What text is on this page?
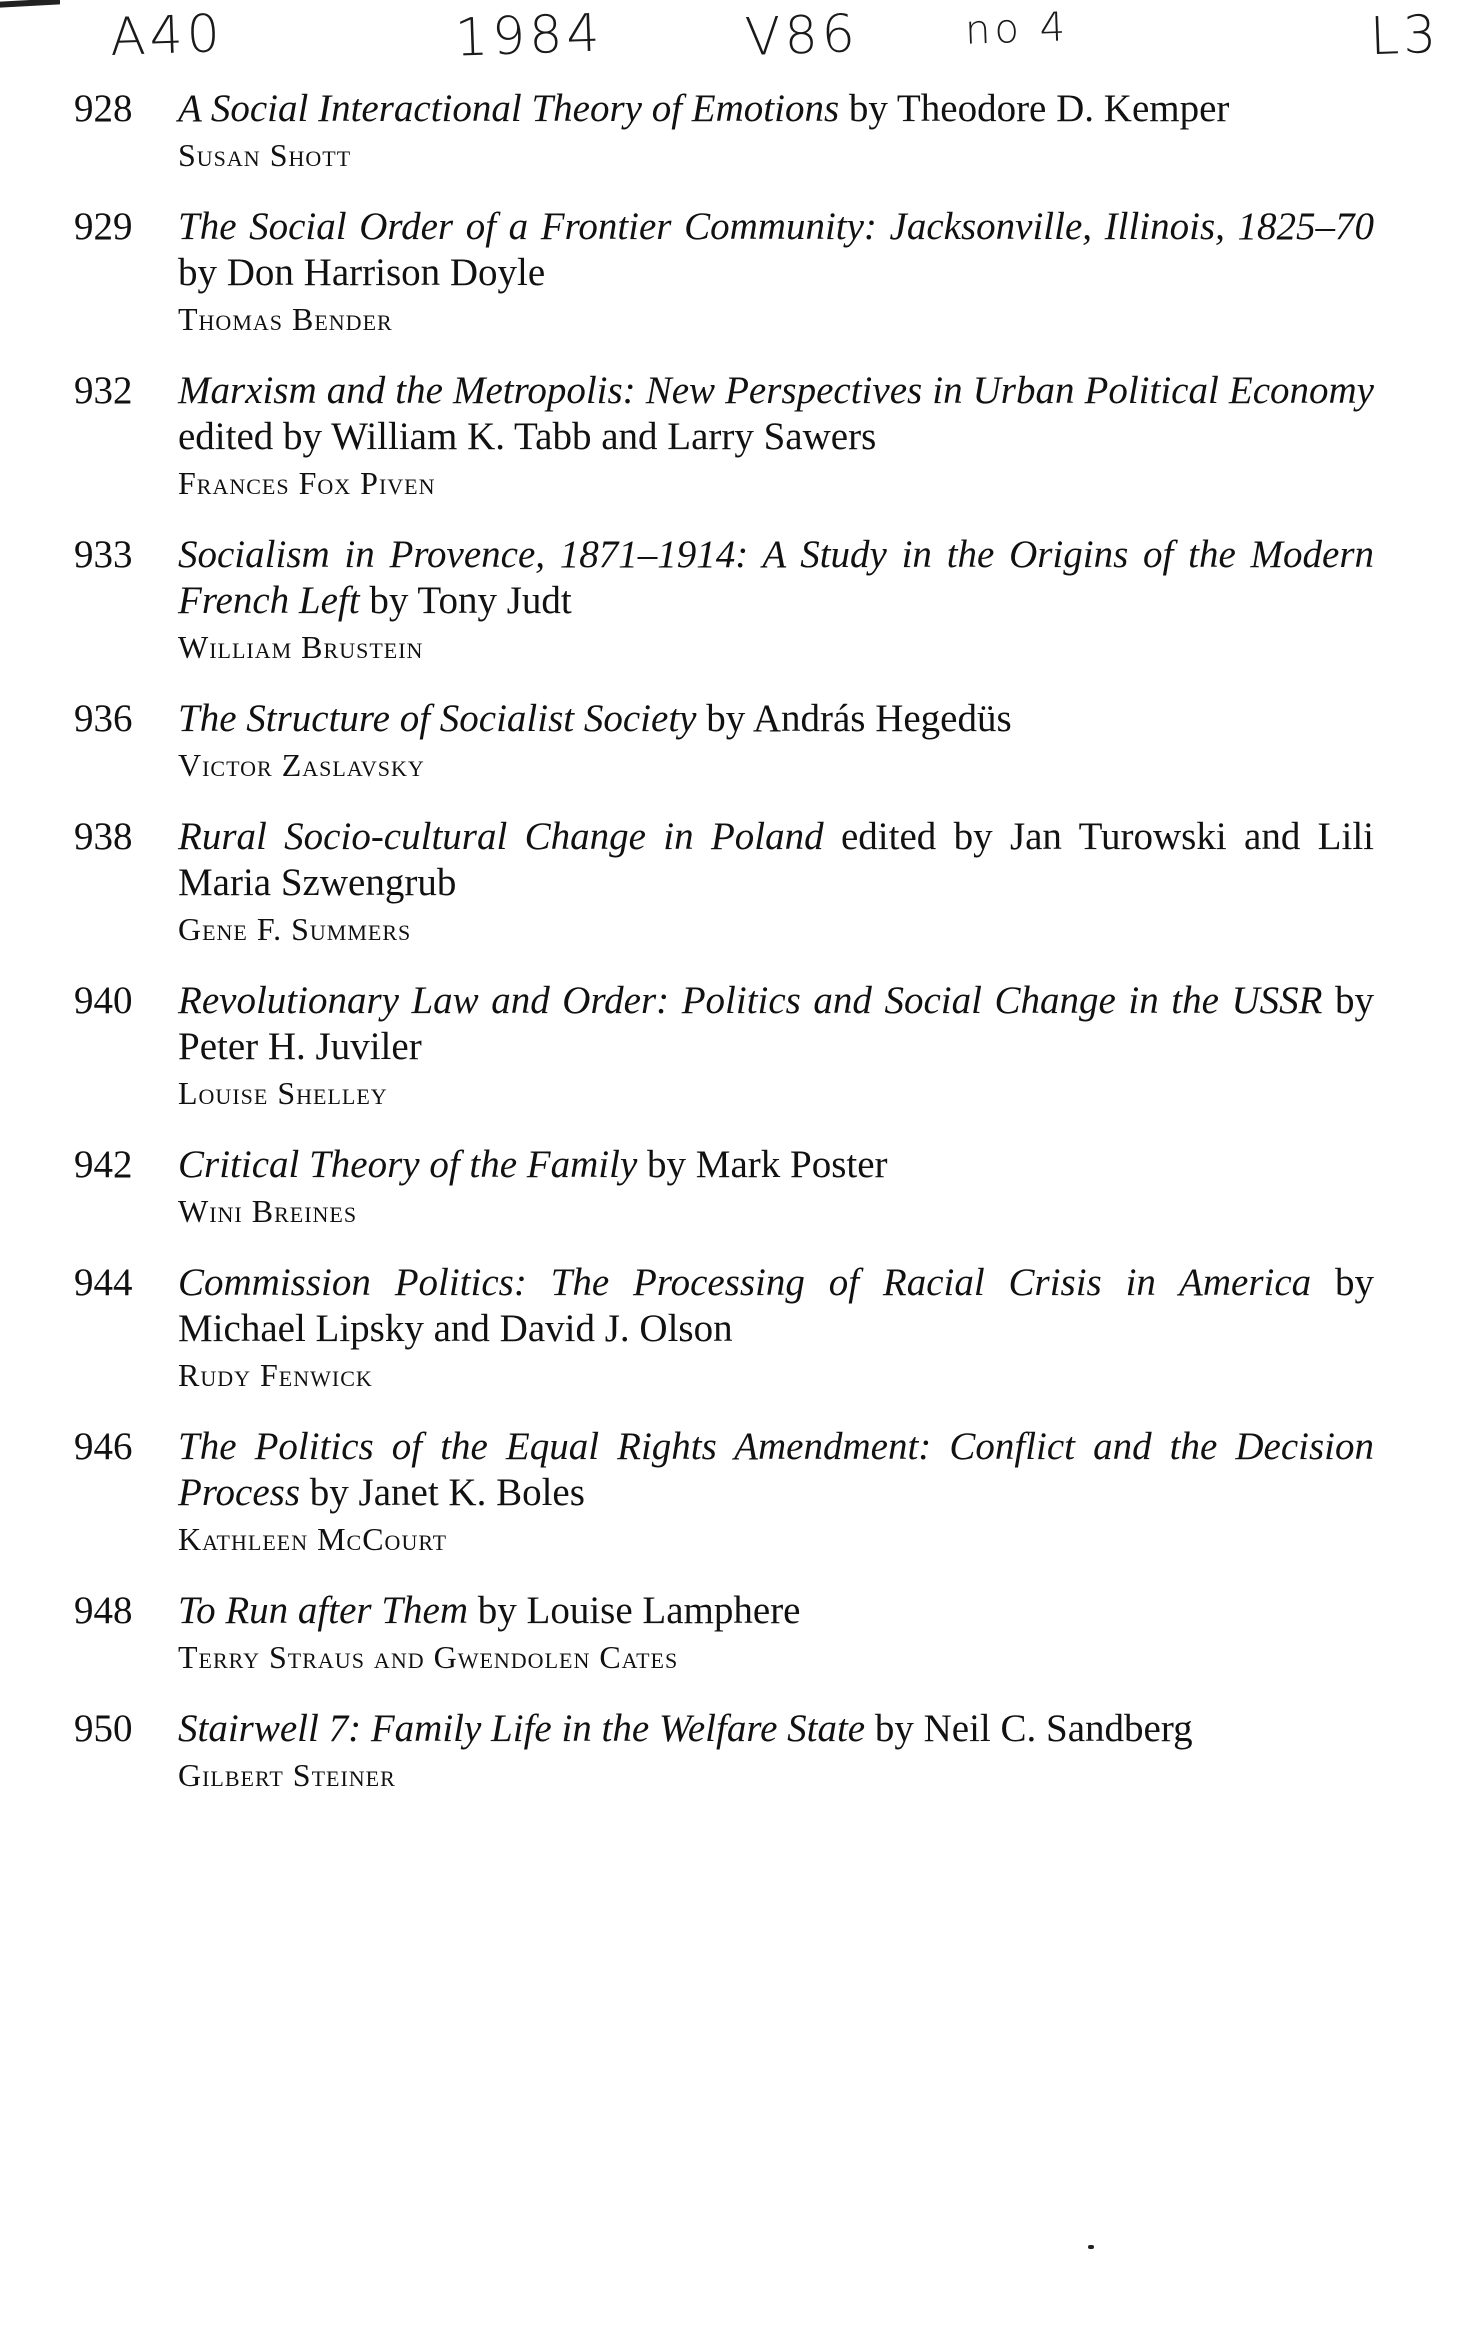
A40	1984	V86	no 4	L3
928	A Social Interactional Theory of Emotions by Theodore D. Kemper
Susan Shott
929	The Social Order of a Frontier Community: Jacksonville, Illinois, 1825–70 by Don Harrison Doyle
Thomas Bender
932	Marxism and the Metropolis: New Perspectives in Urban Political Economy edited by William K. Tabb and Larry Sawers
Frances Fox Piven
933	Socialism in Provence, 1871–1914: A Study in the Origins of the Modern French Left by Tony Judt
William Brustein
936	The Structure of Socialist Society by András Hegedüs
Victor Zaslavsky
938	Rural Socio-cultural Change in Poland edited by Jan Turowski and Lili Maria Szwengrub
Gene F. Summers
940	Revolutionary Law and Order: Politics and Social Change in the USSR by Peter H. Juviler
Louise Shelley
942	Critical Theory of the Family by Mark Poster
Wini Breines
944	Commission Politics: The Processing of Racial Crisis in America by Michael Lipsky and David J. Olson
Rudy Fenwick
946	The Politics of the Equal Rights Amendment: Conflict and the Decision Process by Janet K. Boles
Kathleen McCourt
948	To Run after Them by Louise Lamphere
Terry Straus and Gwendolen Cates
950	Stairwell 7: Family Life in the Welfare State by Neil C. Sandberg
Gilbert Steiner
